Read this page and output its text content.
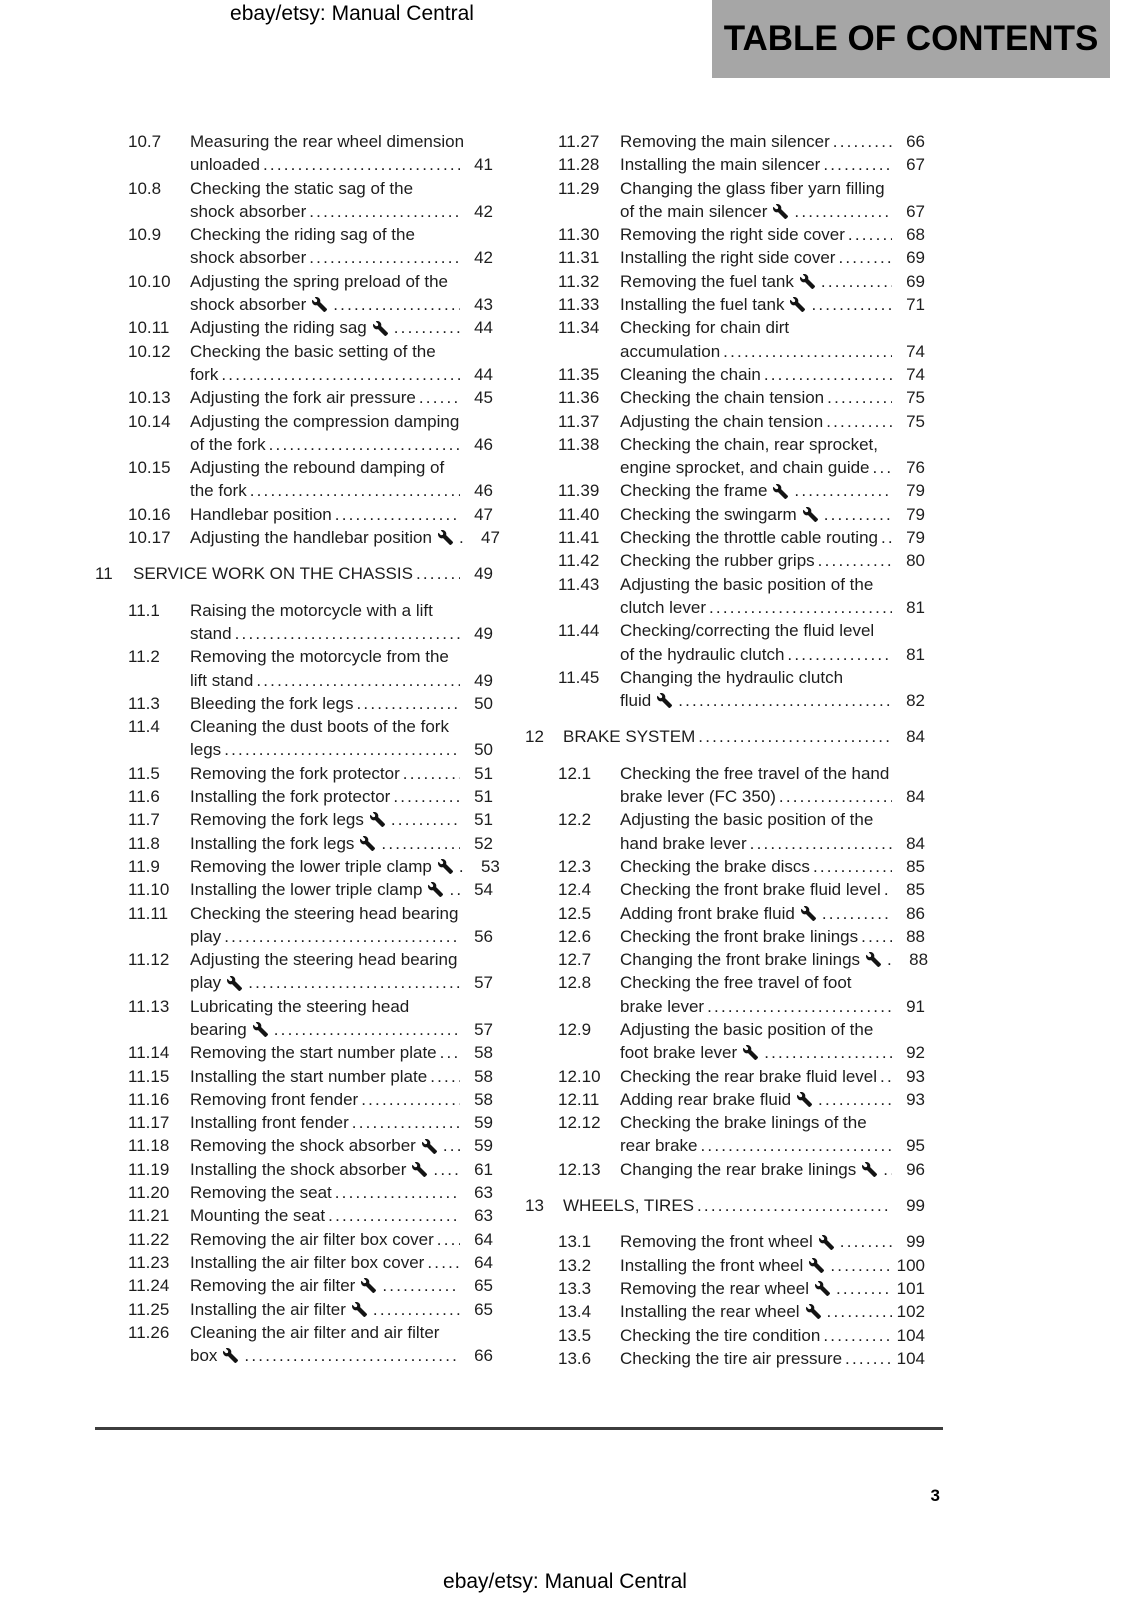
ebay/etsy: Manual Central
TABLE OF CONTENTS
10.7	Measuring the rear wheel dimension
unloaded .....	41
10.8	Checking the static sag of the
shock absorber .....	42
10.9	Checking the riding sag of the
shock absorber .....	42
10.10	Adjusting the spring preload of the
shock absorber .....	43
10.11	Adjusting the riding sag .....	44
10.12	Checking the basic setting of the
fork .....	44
10.13	Adjusting the fork air pressure .....	45
10.14	Adjusting the compression damping
of the fork .....	46
10.15	Adjusting the rebound damping of
the fork .....	46
10.16	Handlebar position .....	47
10.17	Adjusting the handlebar position .....	47
11	SERVICE WORK ON THE CHASSIS .....	49
11.1	Raising the motorcycle with a lift
stand .....	49
11.2	Removing the motorcycle from the
lift stand .....	49
11.3	Bleeding the fork legs .....	50
11.4	Cleaning the dust boots of the fork
legs .....	50
11.5	Removing the fork protector .....	51
11.6	Installing the fork protector .....	51
11.7	Removing the fork legs .....	51
11.8	Installing the fork legs .....	52
11.9	Removing the lower triple clamp .....	53
11.10	Installing the lower triple clamp .....	54
11.11	Checking the steering head bearing
play .....	56
11.12	Adjusting the steering head bearing
play .....	57
11.13	Lubricating the steering head
bearing .....	57
11.14	Removing the start number plate .....	58
11.15	Installing the start number plate .....	58
11.16	Removing front fender .....	58
11.17	Installing front fender .....	59
11.18	Removing the shock absorber .....	59
11.19	Installing the shock absorber .....	61
11.20	Removing the seat .....	63
11.21	Mounting the seat .....	63
11.22	Removing the air filter box cover .....	64
11.23	Installing the air filter box cover .....	64
11.24	Removing the air filter .....	65
11.25	Installing the air filter .....	65
11.26	Cleaning the air filter and air filter
box .....	66
11.27	Removing the main silencer .....	66
11.28	Installing the main silencer .....	67
11.29	Changing the glass fiber yarn filling
of the main silencer .....	67
11.30	Removing the right side cover .....	68
11.31	Installing the right side cover .....	69
11.32	Removing the fuel tank .....	69
11.33	Installing the fuel tank .....	71
11.34	Checking for chain dirt
accumulation .....	74
11.35	Cleaning the chain .....	74
11.36	Checking the chain tension .....	75
11.37	Adjusting the chain tension .....	75
11.38	Checking the chain, rear sprocket,
engine sprocket, and chain guide .....	76
11.39	Checking the frame .....	79
11.40	Checking the swingarm .....	79
11.41	Checking the throttle cable routing .....	79
11.42	Checking the rubber grips .....	80
11.43	Adjusting the basic position of the
clutch lever .....	81
11.44	Checking/correcting the fluid level
of the hydraulic clutch .....	81
11.45	Changing the hydraulic clutch
fluid .....	82
12	BRAKE SYSTEM .....	84
12.1	Checking the free travel of the hand
brake lever (FC 350) .....	84
12.2	Adjusting the basic position of the
hand brake lever .....	84
12.3	Checking the brake discs .....	85
12.4	Checking the front brake fluid level .....	85
12.5	Adding front brake fluid .....	86
12.6	Checking the front brake linings .....	88
12.7	Changing the front brake linings .....	88
12.8	Checking the free travel of foot
brake lever .....	91
12.9	Adjusting the basic position of the
foot brake lever .....	92
12.10	Checking the rear brake fluid level .....	93
12.11	Adding rear brake fluid .....	93
12.12	Checking the brake linings of the
rear brake .....	95
12.13	Changing the rear brake linings .....	96
13	WHEELS, TIRES .....	99
13.1	Removing the front wheel .....	99
13.2	Installing the front wheel .....	100
13.3	Removing the rear wheel .....	101
13.4	Installing the rear wheel .....	102
13.5	Checking the tire condition .....	104
13.6	Checking the tire air pressure .....	104
3
ebay/etsy: Manual Central
